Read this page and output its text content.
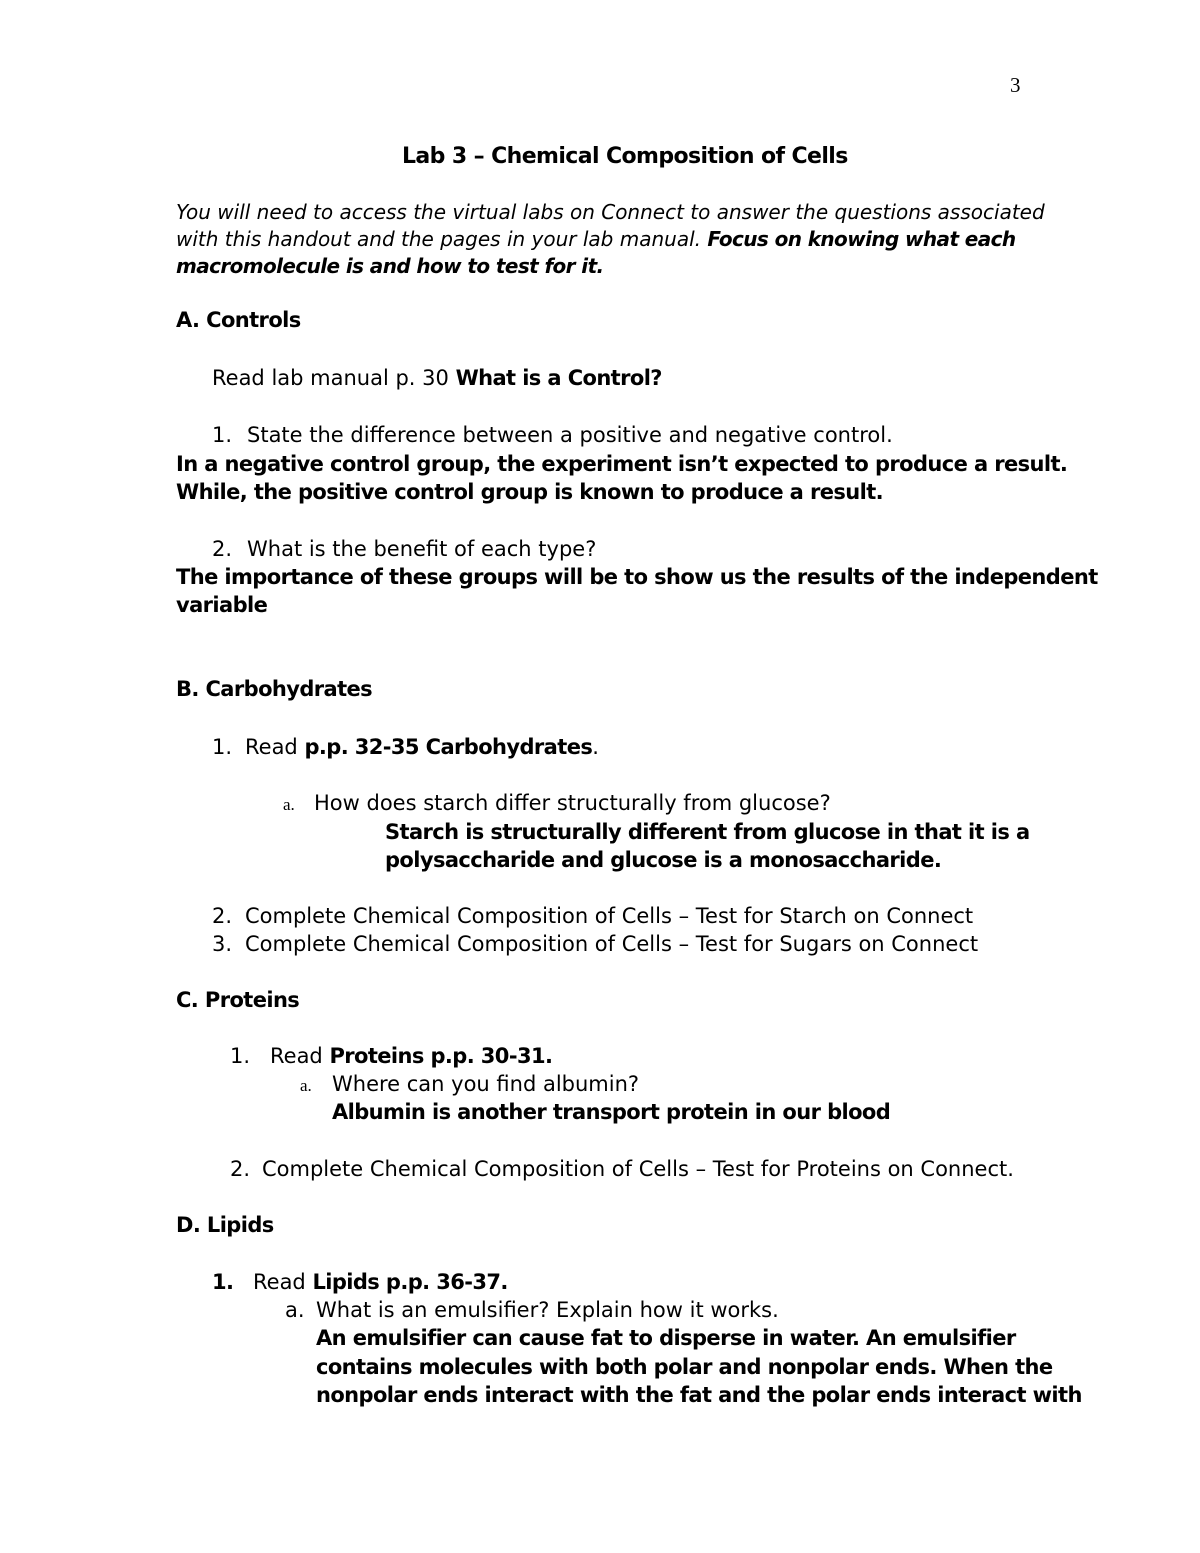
3
Lab 3 – Chemical Composition of Cells
You will need to access the virtual labs on Connect to answer the questions associated
with this handout and the pages in your lab manual. Focus on knowing what each
macromolecule is and how to test for it.
A. Controls
Read lab manual p. 30 What is a Control?
1. State the difference between a positive and negative control.
In a negative control group, the experiment isn’t expected to produce a result.
While, the positive control group is known to produce a result.
2. What is the benefit of each type?
The importance of these groups will be to show us the results of the independent
variable
B. Carbohydrates
1. Read p.p. 32-35 Carbohydrates.
a. How does starch differ structurally from glucose?
Starch is structurally different from glucose in that it is a
polysaccharide and glucose is a monosaccharide.
2. Complete Chemical Composition of Cells – Test for Starch on Connect
3. Complete Chemical Composition of Cells – Test for Sugars on Connect
C. Proteins
1. Read Proteins p.p. 30-31.
a. Where can you find albumin?
Albumin is another transport protein in our blood
2. Complete Chemical Composition of Cells – Test for Proteins on Connect.
D. Lipids
1. Read Lipids p.p. 36-37.
a. What is an emulsifier? Explain how it works.
An emulsifier can cause fat to disperse in water. An emulsifier
contains molecules with both polar and nonpolar ends. When the
nonpolar ends interact with the fat and the polar ends interact with
